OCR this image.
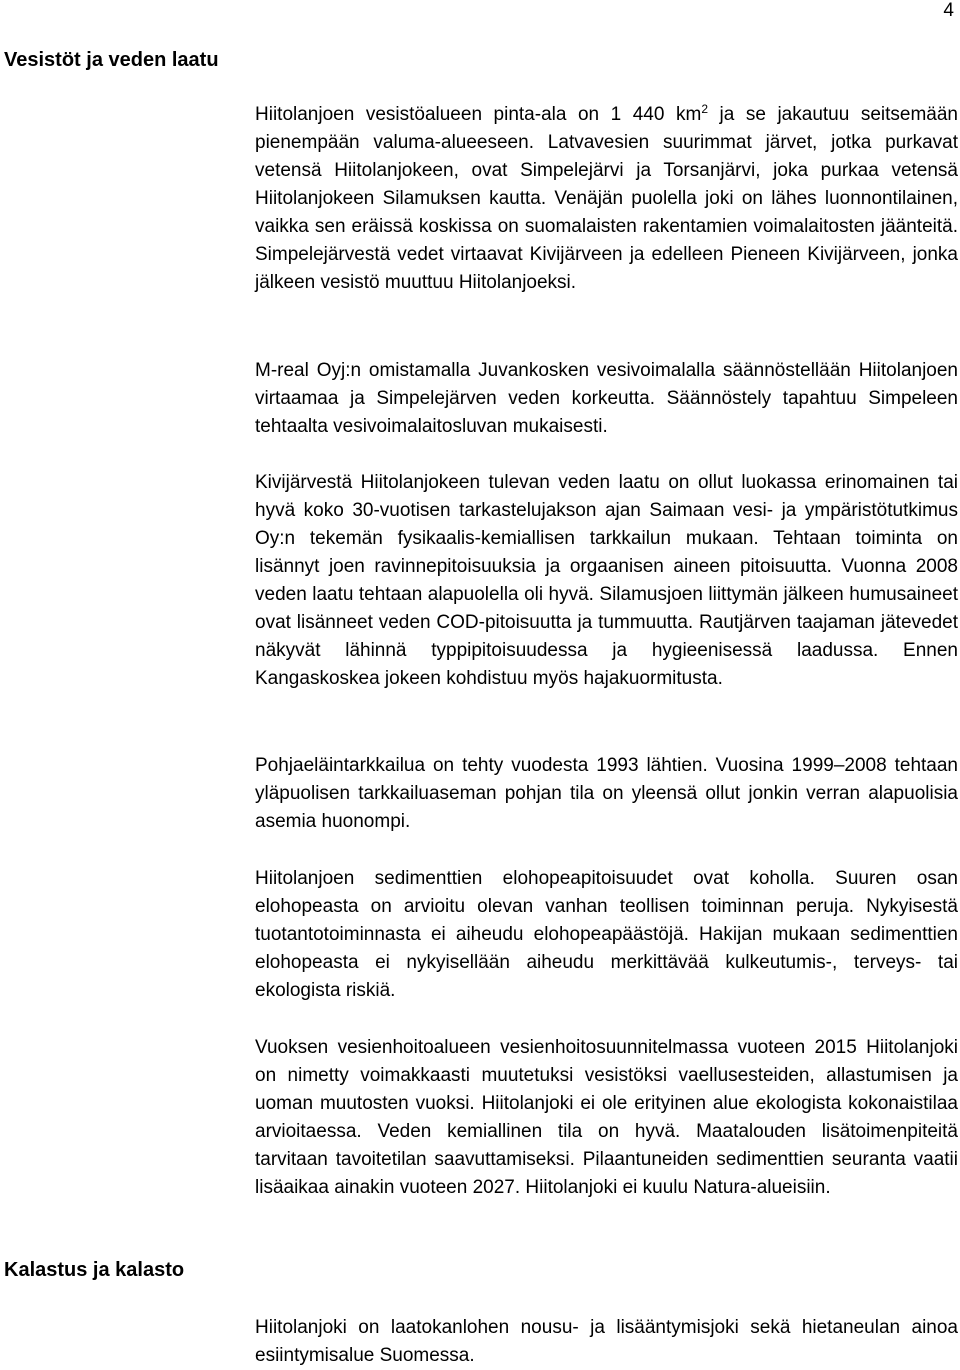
4
Vesistöt ja veden laatu

Hiitolanjoen vesistöalueen pinta-ala on 1 440 $km^2$ ja se jakautuu seitsemään pienempään valuma-alueeseen. Latvavesien suurimmat järvet, jotka purkavat vetensä Hiitolanjokeen, ovat Simpelejärvi ja Torsanjärvi, joka purkaa vetensä Hiitolanjokeen Silamuksen kautta. Venäjän puolella joki on lähes luonnontilainen, vaikka sen eräissä koskissa on suomalaisten rakentamien voimalaitosten jäänteitä. Simpelejärvestä vedet virtaavat Kivijärveen ja edelleen Pieneen Kivijärveen, jonka jälkeen vesistö muuttuu Hiitolanjoeksi.

M-real Oyj:n omistamalla Juvankosken vesivoimalalla säännöstellään Hiitolanjoen virtaamaa ja Simpelejärven veden korkeutta. Säännöstely tapahtuu Simpeleen tehtaalta vesivoimalaitosluvan mukaisesti.

Kivijärvestä Hiitolanjokeen tulevan veden laatu on ollut luokassa erinomainen tai hyvä koko 30-vuotisen tarkastelujakson ajan Saimaan vesi- ja ympäristötutkimus Oy:n tekemän fysikaalis-kemiallisen tarkkailun mukaan. Tehtaan toiminta on lisännyt joen ravinnepitoisuuksia ja orgaanisen aineen pitoisuutta. Vuonna 2008 veden laatu tehtaan alapuolella oli hyvä. Silamusjoen liittymän jälkeen humusaineet ovat lisänneet veden COD-pitoisuutta ja tummuutta. Rautjärven taajaman jätevedet näkyvät lähinnä typpipitoisuudessa ja hygieenisessä laadussa. Ennen Kangaskoskea jokeen kohdistuu myös hajakuormitusta.

Pohjaeläintarkkailua on tehty vuodesta 1993 lähtien. Vuosina 1999–2008 tehtaan yläpuolisen tarkkailuaseman pohjan tila on yleensä ollut jonkin verran alapuolisia asemia huonompi.

Hiitolanjoen sedimenttien elohopeapitoisuudet ovat koholla. Suuren osan elohopeasta on arvioitu olevan vanhan teollisen toiminnan peruja. Nykyisestä tuotantotoiminnasta ei aiheudu elohopeapäästöjä. Hakijan mukaan sedimenttien elohopeasta ei nykyisellään aiheudu merkittävää kulkeutumis-, terveys- tai ekologista riskiä.

Vuoksen vesienhoitoalueen vesienhoitosuunnitelmassa vuoteen 2015 Hiitolanjoki on nimetty voimakkaasti muutetuksi vesistöksi vaellusesteiden, allastumisen ja uoman muutosten vuoksi. Hiitolanjoki ei ole erityinen alue ekologista kokonaistilaa arvioitaessa. Veden kemiallinen tila on hyvä. Maatalouden lisätoimenpiteitä tarvitaan tavoitetilan saavuttamiseksi. Pilaantuneiden sedimenttien seuranta vaatii lisäaikaa ainakin vuoteen 2027. Hiitolanjoki ei kuulu Natura-alueisiin.

Kalastus ja kalasto

Hiitolanjoki on laatokanlohen nousu- ja lisääntymisjoki sekä hietaneulan ainoa esiintymisalue Suomessa.
